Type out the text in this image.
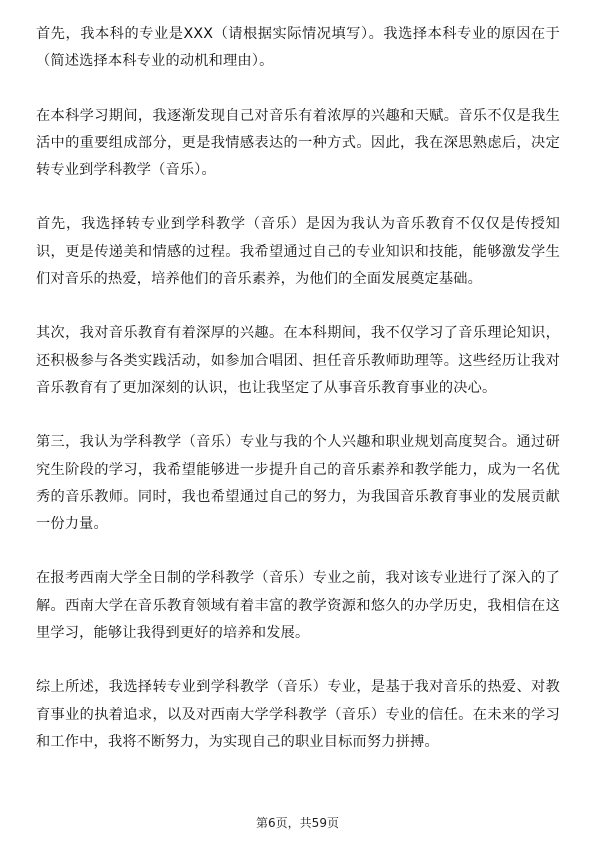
首先，我本科的专业是XXX（请根据实际情况填写）。我选择本科专业的原因在于（简述选择本科专业的动机和理由）。

在本科学习期间，我逐渐发现自己对音乐有着浓厚的兴趣和天赋。音乐不仅是我生活中的重要组成部分，更是我情感表达的一种方式。因此，我在深思熟虑后，决定转专业到学科教学（音乐）。

首先，我选择转专业到学科教学（音乐）是因为我认为音乐教育不仅仅是传授知识，更是传递美和情感的过程。我希望通过自己的专业知识和技能，能够激发学生们对音乐的热爱，培养他们的音乐素养，为他们的全面发展奠定基础。

其次，我对音乐教育有着深厚的兴趣。在本科期间，我不仅学习了音乐理论知识，还积极参与各类实践活动，如参加合唱团、担任音乐教师助理等。这些经历让我对音乐教育有了更加深刻的认识，也让我坚定了从事音乐教育事业的决心。

第三，我认为学科教学（音乐）专业与我的个人兴趣和职业规划高度契合。通过研究生阶段的学习，我希望能够进一步提升自己的音乐素养和教学能力，成为一名优秀的音乐教师。同时，我也希望通过自己的努力，为我国音乐教育事业的发展贡献一份力量。

在报考西南大学全日制的学科教学（音乐）专业之前，我对该专业进行了深入的了解。西南大学在音乐教育领域有着丰富的教学资源和悠久的办学历史，我相信在这里学习，能够让我得到更好的培养和发展。

综上所述，我选择转专业到学科教学（音乐）专业，是基于我对音乐的热爱、对教育事业的执着追求，以及对西南大学学科教学（音乐）专业的信任。在未来的学习和工作中，我将不断努力，为实现自己的职业目标而努力拼搏。

第6页，共59页
